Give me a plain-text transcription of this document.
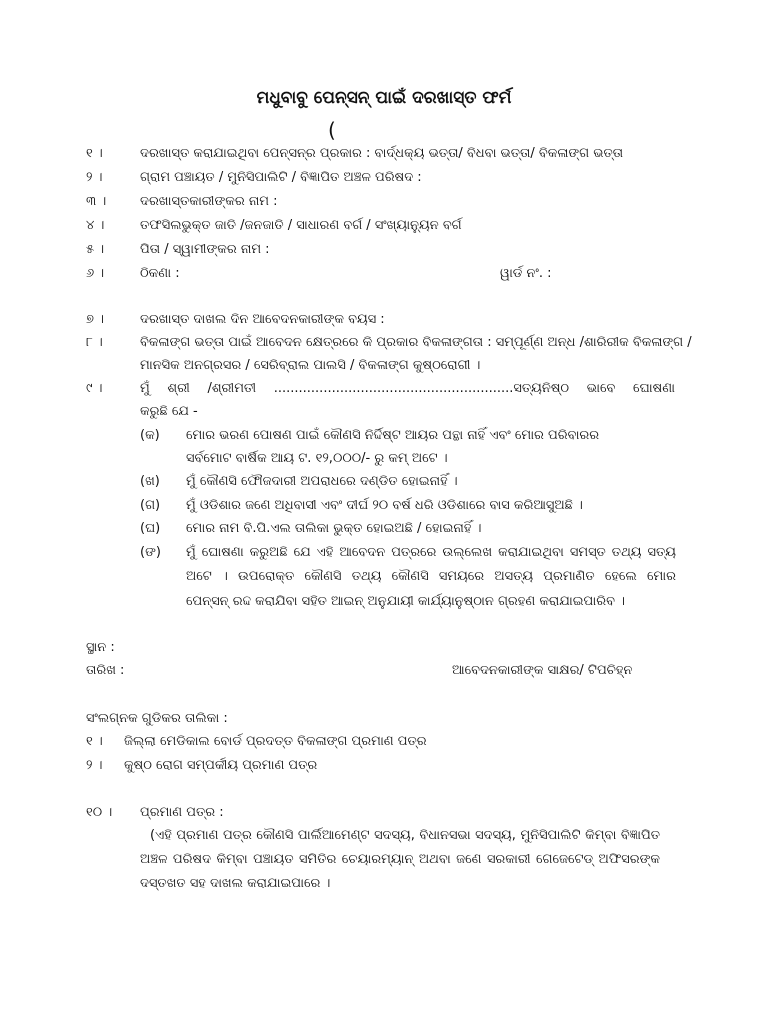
ମଧୁବାବୁ ପେନ୍‌ସନ୍ ପାଇଁ ଦରଖାସ୍ତ ଫର୍ମ
(
୧ ।	ଦରଖାସ୍ତ କରାଯାଇଥିବା ପେନ୍‌ସନ୍‌ର ପ୍ରକାର : ବାର୍ଦ୍ଧକ୍ୟ ଭତ୍ତା/ ବିଧବା ଭତ୍ତା/ ବିକଳାଙ୍ଗ ଭତ୍ତା
୨ ।	ଗ୍ରାମ ପଞ୍ଚାୟତ / ମୁନିସିପାଲିଟି / ବିଜ୍ଞାପିତ ଅଞ୍ଚଳ ପରିଷଦ :
୩ ।	ଦରଖାସ୍ତକାରୀଙ୍କର ନାମ :
୪ ।	ତଫସିଲଭୁକ୍ତ ଜାତି /ଜନଜାତି / ସାଧାରଣ ବର୍ଗ / ସଂଖ୍ୟାନ୍ୟୁନ ବର୍ଗ
୫ ।	ପିତା / ସ୍ୱାମୀଙ୍କର ନାମ :
୬ ।	ଠିକଣା :	ୱାର୍ଡ ନଂ. :
୭ ।	ଦରଖାସ୍ତ ଦାଖଲ ଦିନ ଆବେଦନକାରୀଙ୍କ ବୟସ :
୮ ।	ବିକଳାଙ୍ଗ ଭତ୍ତା ପାଇଁ ଆବେଦନ କ୍ଷେତ୍ରରେ କି ପ୍ରକାର ବିକଳାଙ୍ଗତା : ସମ୍ପୂର୍ଣ୍ଣ ଅନ୍ଧ /ଶାରିରୀକ ବିକଳାଙ୍ଗ /
ମାନସିକ ଅନଗ୍ରସର / ସେରିବ୍ରାଲ ପାଲସି / ବିକଳାଙ୍ଗ କୁଷ୍ଠରୋଗୀ ।
୯ ।	ମୁଁ ଶ୍ରୀ /ଶ୍ରୀମତୀ ..........................................................ସତ୍ୟନିଷ୍ଠ ଭାବେ ଘୋଷଣା
କରୁଛି ଯେ -
(କ) ମୋର ଭରଣ ପୋଷଣ ପାଇଁ କୌଣସି ନିର୍ଦ୍ଦିଷ୍ଟ ଆୟର ପନ୍ଥା ନାହିଁ ଏବଂ ମୋର ପରିବାରର
ସର୍ବମୋଟ ବାର୍ଷିକ ଆୟ ଟ. ୧୨,୦୦୦/- ରୁ କମ୍ ଅଟେ ।
(ଖ) ମୁଁ କୌଣସି ଫୌଜଦାରୀ ଅପରାଧରେ ଦଣ୍ଡିତ ହୋଇନାହିଁ ।
(ଗ) ମୁଁ ଓଡିଶାର ଜଣେ ଅଧିବାସୀ ଏବଂ ଦୀର୍ଘ ୨୦ ବର୍ଷ ଧରି ଓଡିଶାରେ ବାସ କରିଆସୁଅଛି ।
(ଘ) ମୋର ନାମ ବି.ପି.ଏଲ ତାଲିକା ଭୁକ୍ତ ହୋଇଅଛି / ହୋଇନାହିଁ ।
(ଙ) ମୁଁ ଘୋଷଣା କରୁଅଛି ଯେ ଏହି ଆବେଦନ ପତ୍ରରେ ଉଲ୍ଲେଖ କରାଯାଇଥିବା ସମସ୍ତ ତଥ୍ୟ ସତ୍ୟ
ଅଟେ । ଉପରୋକ୍ତ କୌଣସି ତଥ୍ୟ କୌଣସି ସମୟରେ ଅସତ୍ୟ ପ୍ରମାଣିତ ହେଲେ ମୋର
ପେନ୍‌ସନ୍ ରଦ୍ଦ କରାଯିବା ସହିତ ଆଇନ୍ ଅନୁଯାୟୀ କାର୍ଯ୍ୟାନୁଷ୍ଠାନ ଗ୍ରହଣ କରାଯାଇପାରିବ ।
ସ୍ଥାନ :
ତାରିଖ :	ଆବେଦନକାରୀଙ୍କ ସାକ୍ଷର/ ଟିପଚିହ୍ନ
ସଂଲଗ୍ନକ ଗୁଡିକର ତାଲିକା :
୧ । ଜିଲ୍ଲା ମେଡିକାଲ ବୋର୍ଡ ପ୍ରଦତ୍ତ ବିକଳାଙ୍ଗ ପ୍ରମାଣ ପତ୍ର
୨ । କୁଷ୍ଠ ରୋଗ ସମ୍ପର୍କୀୟ ପ୍ରମାଣ ପତ୍ର
୧୦ । ପ୍ରମାଣ ପତ୍ର :
(ଏହି ପ୍ରମାଣ ପତ୍ର କୌଣସି ପାର୍ଲିଆମେଣ୍ଟ ସଦସ୍ୟ, ବିଧାନସଭା ସଦସ୍ୟ, ମୁନିସିପାଲିଟି କିମ୍ବା ବିଜ୍ଞାପିତ
ଅଞ୍ଚଳ ପରିଷଦ କିମ୍ବା ପଞ୍ଚାୟତ ସମିତିର ଚେୟାରମ୍ୟାନ୍ ଅଥବା ଜଣେ ସରକାରୀ ଗେଜେଟେଡ୍ ଅଫିସରଙ୍କ
ଦସ୍ତଖତ ସହ ଦାଖଲ କରାଯାଇପାରେ ।
